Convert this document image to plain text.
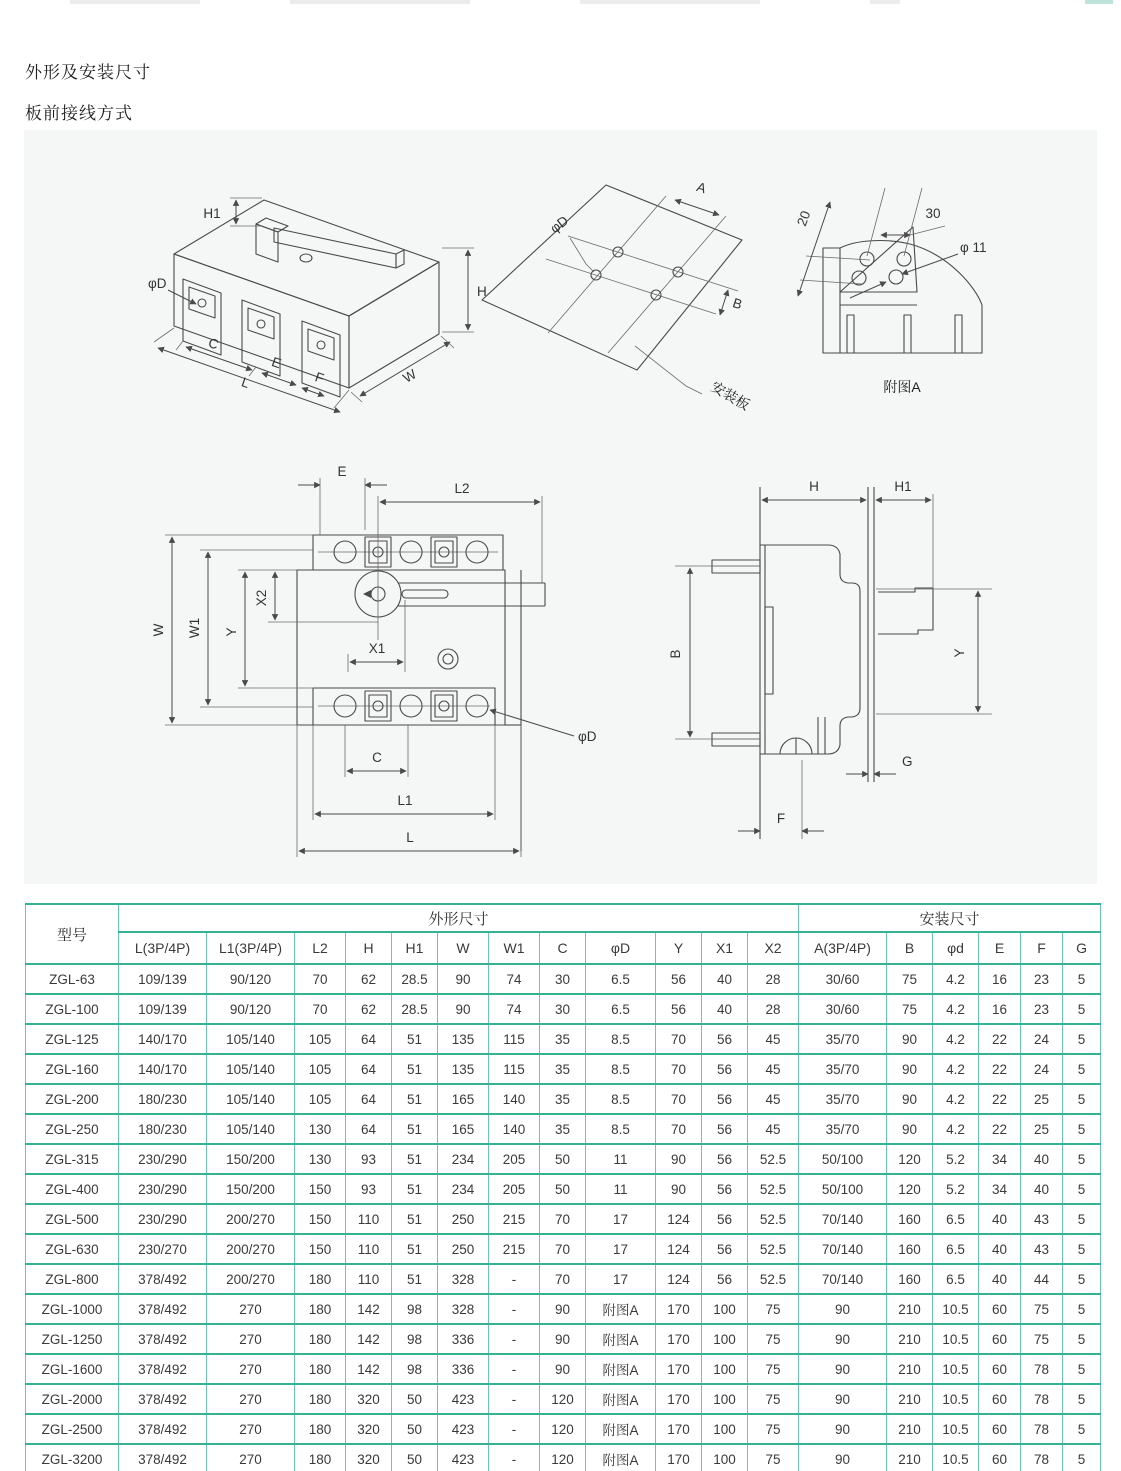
外形及安装尺寸
板前接线方式
H1
H
φD
C
E
F
L	W
A
B
φD
安装板
20	30
φ 11
附图A
E
L2
W W1 Y
X2
X1
C
L1
L
φD
H	H1
B	Y
G
F
型号	外形尺寸												安装尺寸					
	L(3P/4P)	L1(3P/4P)	L2	H	H1	W	W1	C	φD	Y	X1	X2	A(3P/4P)	B	φd	E	F	G
ZGL-63	109/139	90/120	70	62	28.5	90	74	30	6.5	56	40	28	30/60	75	4.2	16	23	5
ZGL-100	109/139	90/120	70	62	28.5	90	74	30	6.5	56	40	28	30/60	75	4.2	16	23	5
ZGL-125	140/170	105/140	105	64	51	135	115	35	8.5	70	56	45	35/70	90	4.2	22	24	5
ZGL-160	140/170	105/140	105	64	51	135	115	35	8.5	70	56	45	35/70	90	4.2	22	24	5
ZGL-200	180/230	105/140	105	64	51	165	140	35	8.5	70	56	45	35/70	90	4.2	22	25	5
ZGL-250	180/230	105/140	130	64	51	165	140	35	8.5	70	56	45	35/70	90	4.2	22	25	5
ZGL-315	230/290	150/200	130	93	51	234	205	50	11	90	56	52.5	50/100	120	5.2	34	40	5
ZGL-400	230/290	150/200	150	93	51	234	205	50	11	90	56	52.5	50/100	120	5.2	34	40	5
ZGL-500	230/290	200/270	150	110	51	250	215	70	17	124	56	52.5	70/140	160	6.5	40	43	5
ZGL-630	230/270	200/270	150	110	51	250	215	70	17	124	56	52.5	70/140	160	6.5	40	43	5
ZGL-800	378/492	200/270	180	110	51	328	-	70	17	124	56	52.5	70/140	160	6.5	40	44	5
ZGL-1000	378/492	270	180	142	98	328	-	90	附图A	170	100	75	90	210	10.5	60	75	5
ZGL-1250	378/492	270	180	142	98	336	-	90	附图A	170	100	75	90	210	10.5	60	75	5
ZGL-1600	378/492	270	180	142	98	336	-	90	附图A	170	100	75	90	210	10.5	60	78	5
ZGL-2000	378/492	270	180	320	50	423	-	120	附图A	170	100	75	90	210	10.5	60	78	5
ZGL-2500	378/492	270	180	320	50	423	-	120	附图A	170	100	75	90	210	10.5	60	78	5
ZGL-3200	378/492	270	180	320	50	423	-	120	附图A	170	100	75	90	210	10.5	60	78	5
